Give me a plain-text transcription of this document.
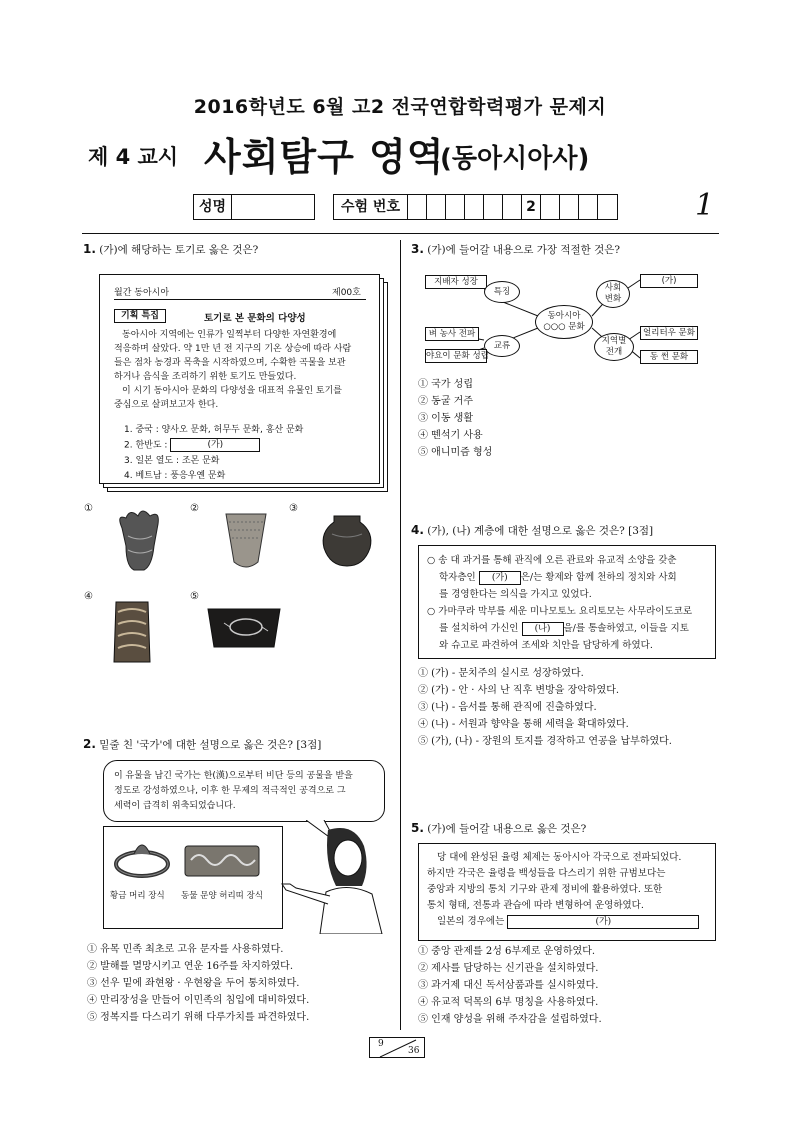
2016학년도 6월 고2 전국연합학력평가 문제지
제 4 교시 사회탐구 영역
(동아시아사)
성명	수험 번호	2	1
1. (가)에 해당하는 토기로 옳은 것은?
월간 동아시아	제00호
기획 특집	토기로 본 문화의 다양성
동아시아 지역에는 인류가 일찍부터 다양한 자연환경에
적응하며 살았다. 약 1만 년 전 지구의 기온 상승에 따라 사람
들은 점차 농경과 목축을 시작하였으며, 수확한 곡물을 보관
하거나 음식을 조리하기 위한 토기도 만들었다.
이 시기 동아시아 문화의 다양성을 대표적 유물인 토기를
중심으로 살펴보고자 한다.
1. 중국 : 양사오 문화, 허무두 문화, 홍산 문화
2. 한반도 :	(가)
3. 일본 열도 : 조몬 문화
4. 베트남 : 풍응우옌 문화
①	②	③
④	⑤
2. 밑줄 친 '국가'에 대한 설명으로 옳은 것은? [3점]
이 유물을 남긴 국가는 한(漢)으로부터 비단 등의 공물을 받을
정도로 강성하였으나, 이후 한 무제의 적극적인 공격으로 그
세력이 급격히 위축되었습니다.
황금 머리 장식 동물 문양 허리띠 장식
① 유목 민족 최초로 고유 문자를 사용하였다.
② 발해를 멸망시키고 연운 16주를 차지하였다.
③ 선우 밑에 좌현왕 · 우현왕을 두어 통치하였다.
④ 만리장성을 만들어 이민족의 침입에 대비하였다.
⑤ 정복지를 다스리기 위해 다루가치를 파견하였다.
3. (가)에 들어갈 내용으로 가장 적절한 것은?
지배자 성장
특징
동아시아
○○○ 문화
벼 농사 전파
교류
야요이 문화 성립
사회
변화
지역별
전개
(가)
얼리터우 문화
동 썬 문화
① 국가 성립
② 동굴 거주
③ 이동 생활
④ 뗀석기 사용
⑤ 애니미즘 형성
4. (가), (나) 계층에 대한 설명으로 옳은 것은? [3점]
○ 송 대 과거를 통해 관직에 오른 관료와 유교적 소양을 갖춘
학자층인 (가) 은/는 황제와 함께 천하의 정치와 사회
를 경영한다는 의식을 가지고 있었다.
○ 가마쿠라 막부를 세운 미나모토노 요리토모는 사무라이도코로
를 설치하여 가신인 (나) 을/를 통솔하였고, 이들을 지토
와 슈고로 파견하여 조세와 치안을 담당하게 하였다.
① (가) - 문치주의 실시로 성장하였다.
② (가) - 안 · 사의 난 직후 변방을 장악하였다.
③ (나) - 음서를 통해 관직에 진출하였다.
④ (나) - 서원과 향약을 통해 세력을 확대하였다.
⑤ (가), (나) - 장원의 토지를 경작하고 연공을 납부하였다.
5. (가)에 들어갈 내용으로 옳은 것은?
당 대에 완성된 율령 체제는 동아시아 각국으로 전파되었다.
하지만 각국은 율령을 백성들을 다스리기 위한 규범보다는
중앙과 지방의 통치 기구와 관제 정비에 활용하였다. 또한
통치 형태, 전통과 관습에 따라 변형하여 운영하였다.
일본의 경우에는	(가)
① 중앙 관제를 2성 6부제로 운영하였다.
② 제사를 담당하는 신기관을 설치하였다.
③ 과거제 대신 독서삼품과를 실시하였다.
④ 유교적 덕목의 6부 명칭을 사용하였다.
⑤ 인재 양성을 위해 주자감을 설립하였다.
9
36
